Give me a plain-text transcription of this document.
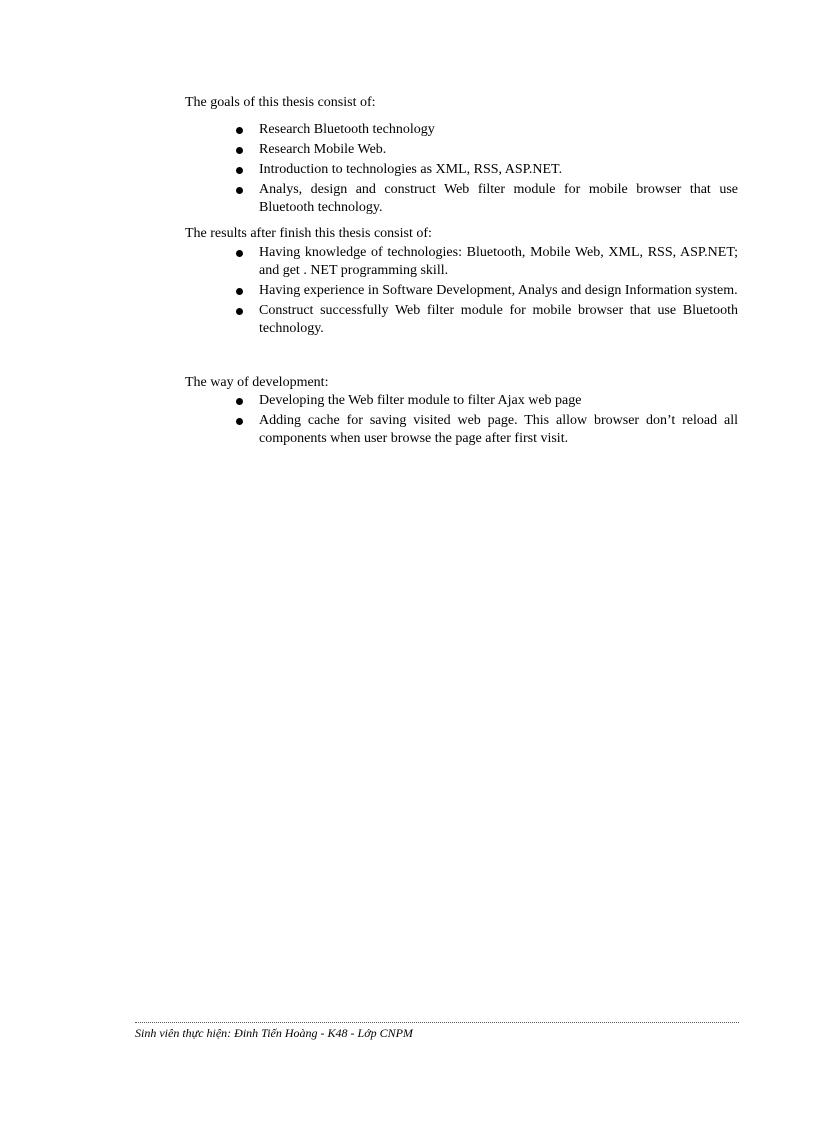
The goals of this thesis consist of:

Research Bluetooth technology
Research Mobile Web.
Introduction to technologies as XML, RSS, ASP.NET.
Analys, design and construct Web filter module for mobile browser that use Bluetooth technology.

The results after finish this thesis consist of:

Having knowledge of technologies: Bluetooth, Mobile Web, XML, RSS, ASP.NET; and get . NET programming skill.
Having experience in Software Development, Analys and design Information system.
Construct successfully Web filter module for mobile browser that use Bluetooth technology.

The way of development:

Developing the Web filter module to filter Ajax web page
Adding cache for saving visited web page. This allow browser don’t reload all components when user browse the page after first visit.
Sinh viên thực hiện: Đinh Tiến Hoàng - K48 - Lớp CNPM
